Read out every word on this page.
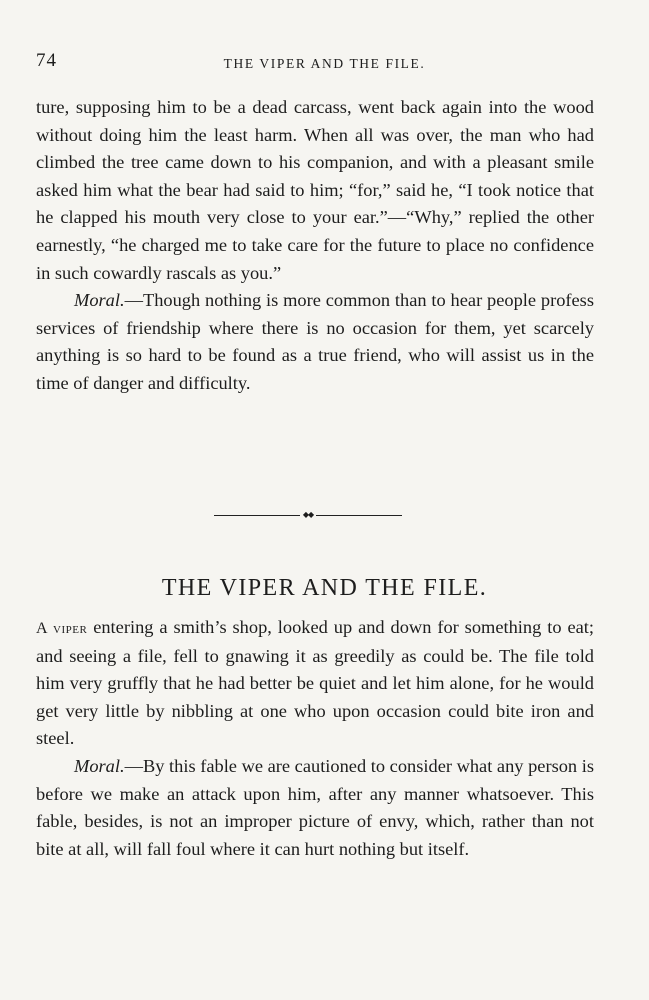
74	THE VIPER AND THE FILE.

ture, supposing him to be a dead carcass, went back again into the wood without doing him the least harm. When all was over, the man who had climbed the tree came down to his companion, and with a pleasant smile asked him what the bear had said to him; “for,” said he, “I took notice that he clapped his mouth very close to your ear.”—“Why,” replied the other earnestly, “he charged me to take care for the future to place no confidence in such cowardly rascals as you.”

Moral.—Though nothing is more common than to hear people profess services of friendship where there is no occasion for them, yet scarcely anything is so hard to be found as a true friend, who will assist us in the time of danger and difficulty.

◆◆
THE VIPER AND THE FILE.

A viper entering a smith’s shop, looked up and down for something to eat; and seeing a file, fell to gnawing it as greedily as could be. The file told him very gruffly that he had better be quiet and let him alone, for he would get very little by nibbling at one who upon occasion could bite iron and steel.

Moral.—By this fable we are cautioned to consider what any person is before we make an attack upon him, after any manner whatsoever. This fable, besides, is not an improper picture of envy, which, rather than not bite at all, will fall foul where it can hurt nothing but itself.
